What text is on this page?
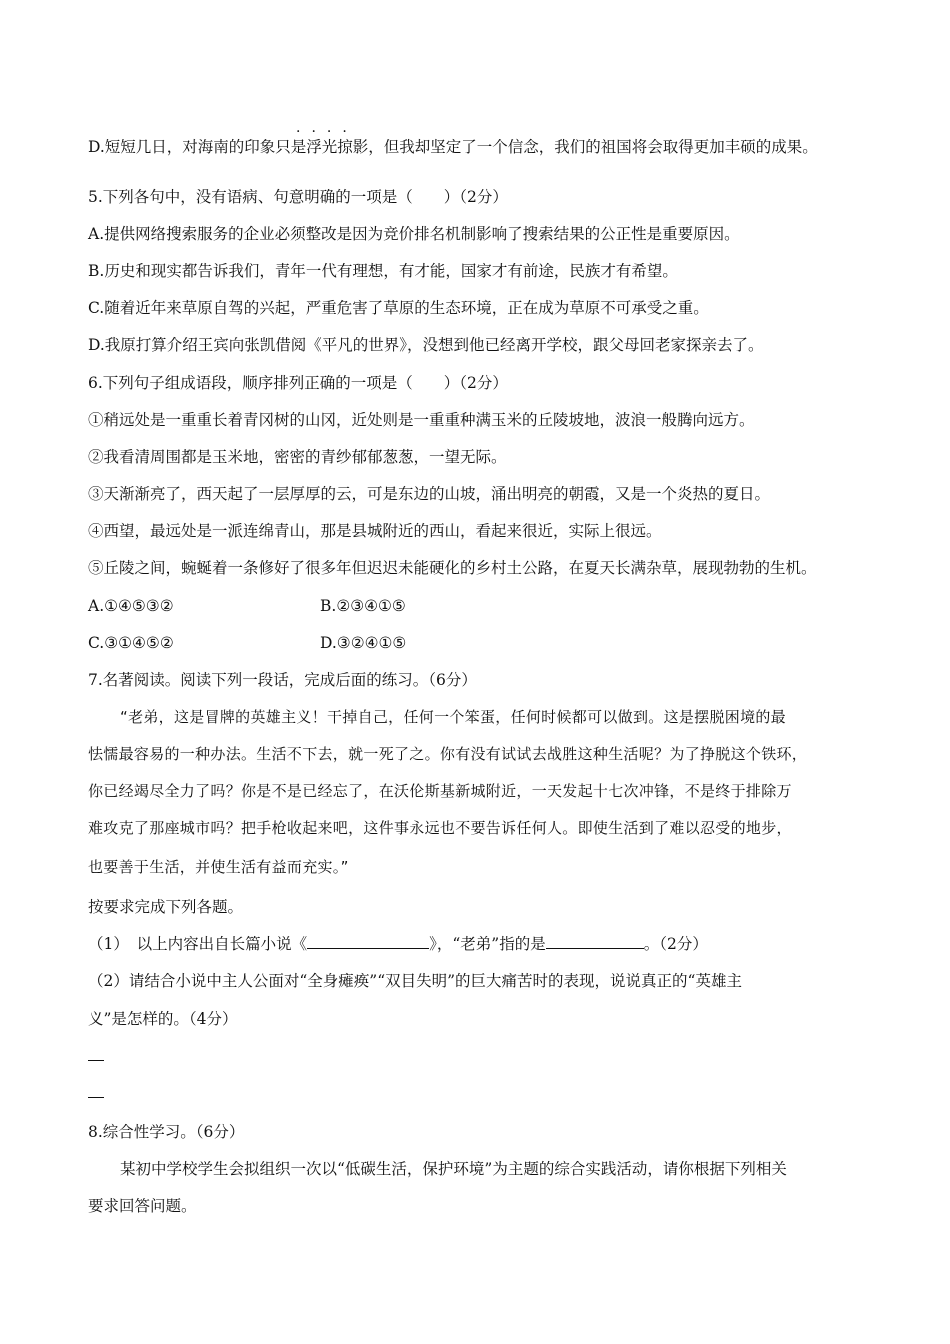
····
D.短短几日，对海南的印象只是浮光掠影，但我却坚定了一个信念，我们的祖国将会取得更加丰硕的成果。
5.下列各句中，没有语病、句意明确的一项是（　　）（2分）
A.提供网络搜索服务的企业必须整改是因为竞价排名机制影响了搜索结果的公正性是重要原因。
B.历史和现实都告诉我们，青年一代有理想，有才能，国家才有前途，民族才有希望。
C.随着近年来草原自驾的兴起，严重危害了草原的生态环境，正在成为草原不可承受之重。
D.我原打算介绍王宾向张凯借阅《平凡的世界》，没想到他已经离开学校，跟父母回老家探亲去了。
6.下列句子组成语段，顺序排列正确的一项是（　　）（2分）
①稍远处是一重重长着青冈树的山冈，近处则是一重重种满玉米的丘陵坡地，波浪一般腾向远方。
②我看清周围都是玉米地，密密的青纱郁郁葱葱，一望无际。
③天渐渐亮了，西天起了一层厚厚的云，可是东边的山坡，涌出明亮的朝霞，又是一个炎热的夏日。
④西望，最远处是一派连绵青山，那是县城附近的西山，看起来很近，实际上很远。
⑤丘陵之间，蜿蜒着一条修好了很多年但迟迟未能硬化的乡村土公路，在夏天长满杂草，展现勃勃的生机。
A.①④⑤③②	B.②③④①⑤
C.③①④⑤②	D.③②④①⑤
7.名著阅读。阅读下列一段话，完成后面的练习。（6分）
“老弟，这是冒牌的英雄主义！干掉自己，任何一个笨蛋，任何时候都可以做到。这是摆脱困境的最
怯懦最容易的一种办法。生活不下去，就一死了之。你有没有试试去战胜这种生活呢？为了挣脱这个铁环，
你已经竭尽全力了吗？你是不是已经忘了，在沃伦斯基新城附近，一天发起十七次冲锋，不是终于排除万
难攻克了那座城市吗？把手枪收起来吧，这件事永远也不要告诉任何人。即使生活到了难以忍受的地步，
也要善于生活，并使生活有益而充实。”
按要求完成下列各题。
（1）　以上内容出自长篇小说《	》，“老弟”指的是	。（2分）
（2）请结合小说中主人公面对“全身瘫痪”“双目失明”的巨大痛苦时的表现，说说真正的“英雄主
义”是怎样的。（4分）
8.综合性学习。（6分）
某初中学校学生会拟组织一次以“低碳生活，保护环境”为主题的综合实践活动，请你根据下列相关
要求回答问题。
